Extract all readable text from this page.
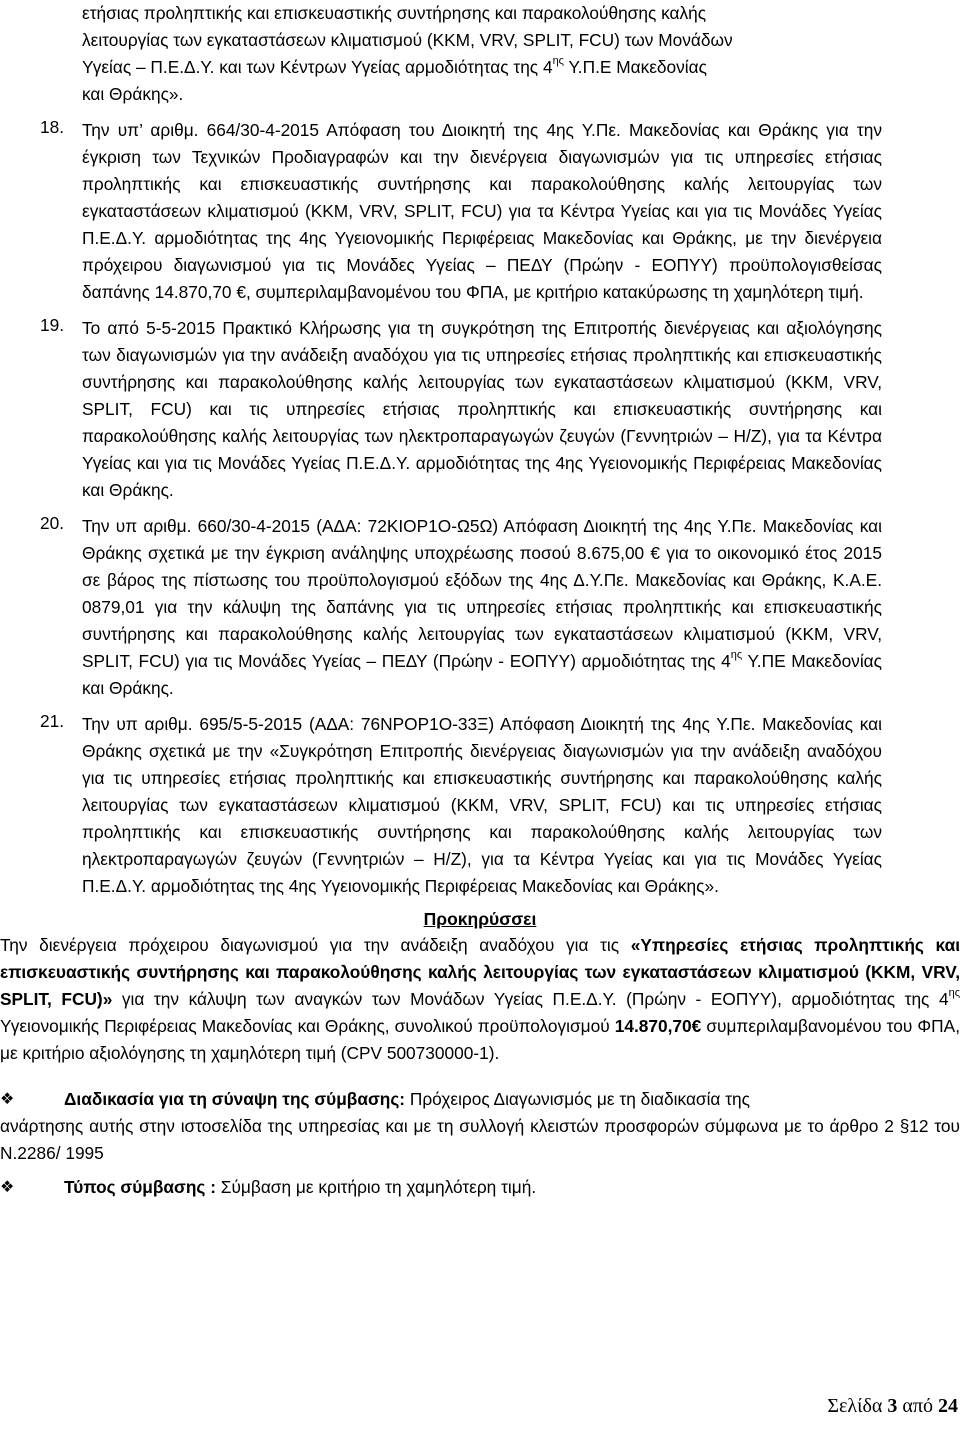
ετήσιας προληπτικής και επισκευαστικής συντήρησης και παρακολούθησης καλής
λειτουργίας των εγκαταστάσεων κλιματισμού (ΚΚΜ, VRV, SPLIT, FCU) των Μονάδων
Υγείας – Π.Ε.Δ.Υ. και των Κέντρων Υγείας αρμοδιότητας της $4^{\eta\varsigma}$ Υ.Π.Ε Μακεδονίας
και Θράκης».
18.	Την υπ’ αριθμ. 664/30-4-2015 Απόφαση του Διοικητή της 4ης Υ.Πε. Μακεδονίας και Θράκης για την έγκριση των Τεχνικών Προδιαγραφών και την διενέργεια διαγωνισμών για τις υπηρεσίες ετήσιας προληπτικής και επισκευαστικής συντήρησης και παρακολούθησης καλής λειτουργίας των εγκαταστάσεων κλιματισμού (ΚΚΜ, VRV, SPLIT, FCU) για τα Κέντρα Υγείας και για τις Μονάδες Υγείας Π.Ε.Δ.Υ. αρμοδιότητας της 4ης Υγειονομικής Περιφέρειας Μακεδονίας και Θράκης, με την διενέργεια πρόχειρου διαγωνισμού για τις Μονάδες Υγείας – ΠΕΔΥ (Πρώην - ΕΟΠΥΥ) προϋπολογισθείσας δαπάνης 14.870,70 €, συμπεριλαμβανομένου του ΦΠΑ, με κριτήριο κατακύρωσης τη χαμηλότερη τιμή.
19.	Το από 5-5-2015 Πρακτικό Κλήρωσης για τη συγκρότηση της Επιτροπής διενέργειας και αξιολόγησης των διαγωνισμών για την ανάδειξη αναδόχου για τις υπηρεσίες ετήσιας προληπτικής και επισκευαστικής συντήρησης και παρακολούθησης καλής λειτουργίας των εγκαταστάσεων κλιματισμού (ΚΚΜ, VRV, SPLIT, FCU) και τις υπηρεσίες ετήσιας προληπτικής και επισκευαστικής συντήρησης και παρακολούθησης καλής λειτουργίας των ηλεκτροπαραγωγών ζευγών (Γεννητριών – Η/Ζ), για τα Κέντρα Υγείας και για τις Μονάδες Υγείας Π.Ε.Δ.Υ. αρμοδιότητας της 4ης Υγειονομικής Περιφέρειας Μακεδονίας και Θράκης.
20.	Την υπ αριθμ. 660/30-4-2015 (ΑΔΑ: 72ΚΙΟΡ1Ο-Ω5Ω) Απόφαση Διοικητή της 4ης Υ.Πε. Μακεδονίας και Θράκης σχετικά με την έγκριση ανάληψης υποχρέωσης ποσού 8.675,00 € για το οικονομικό έτος 2015 σε βάρος της πίστωσης του προϋπολογισμού εξόδων της 4ης Δ.Υ.Πε. Μακεδονίας και Θράκης, Κ.Α.Ε. 0879,01 για την κάλυψη της δαπάνης για τις υπηρεσίες ετήσιας προληπτικής και επισκευαστικής συντήρησης και παρακολούθησης καλής λειτουργίας των εγκαταστάσεων κλιματισμού (ΚΚΜ, VRV, SPLIT, FCU) για τις Μονάδες Υγείας – ΠΕΔΥ (Πρώην - ΕΟΠΥΥ) αρμοδιότητας της $4^{\eta\varsigma}$ Υ.ΠΕ Μακεδονίας και Θράκης.
21.	Την υπ αριθμ. 695/5-5-2015 (ΑΔΑ: 76ΝΡΟΡ1Ο-33Ξ) Απόφαση Διοικητή της 4ης Υ.Πε. Μακεδονίας και Θράκης σχετικά με την «Συγκρότηση Επιτροπής διενέργειας διαγωνισμών για την ανάδειξη αναδόχου για τις υπηρεσίες ετήσιας προληπτικής και επισκευαστικής συντήρησης και παρακολούθησης καλής λειτουργίας των εγκαταστάσεων κλιματισμού (ΚΚΜ, VRV, SPLIT, FCU) και τις υπηρεσίες ετήσιας προληπτικής και επισκευαστικής συντήρησης και παρακολούθησης καλής λειτουργίας των ηλεκτροπαραγωγών ζευγών (Γεννητριών – Η/Ζ), για τα Κέντρα Υγείας και για τις Μονάδες Υγείας Π.Ε.Δ.Υ. αρμοδιότητας της 4ης Υγειονομικής Περιφέρειας Μακεδονίας και Θράκης».
Προκηρύσσει
Την διενέργεια πρόχειρου διαγωνισμού για την ανάδειξη αναδόχου για τις «Υπηρεσίες ετήσιας προληπτικής και επισκευαστικής συντήρησης και παρακολούθησης καλής λειτουργίας των εγκαταστάσεων κλιματισμού (ΚΚΜ, VRV, SPLIT, FCU)» για την κάλυψη των αναγκών των Μονάδων Υγείας Π.Ε.Δ.Υ. (Πρώην - ΕΟΠΥΥ), αρμοδιότητας της $4^{\eta\varsigma}$ Υγειονομικής Περιφέρειας Μακεδονίας και Θράκης, συνολικού προϋπολογισμού 14.870,70€ συμπεριλαμβανομένου του ΦΠΑ, με κριτήριο αξιολόγησης τη χαμηλότερη τιμή (CPV 500730000-1).
❖	Διαδικασία για τη σύναψη της σύμβασης: Πρόχειρος Διαγωνισμός με τη διαδικασία της
ανάρτησης αυτής στην ιστοσελίδα της υπηρεσίας και με τη συλλογή κλειστών προσφορών σύμφωνα με το άρθρο 2 §12 του Ν.2286/ 1995
❖	Τύπος σύμβασης : Σύμβαση με κριτήριο τη χαμηλότερη τιμή.
Σελίδα 3 από 24
